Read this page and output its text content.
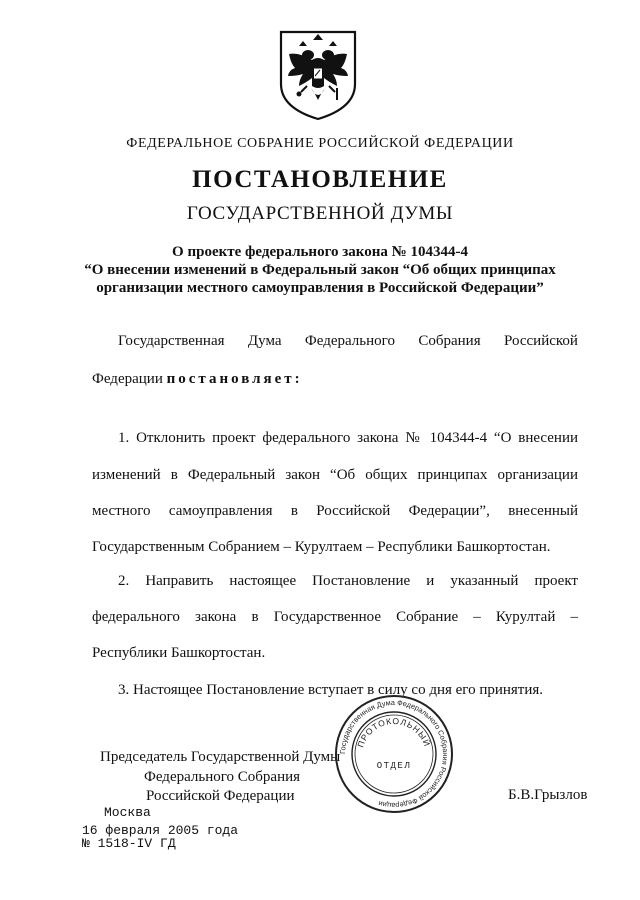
ФЕДЕРАЛЬНОЕ СОБРАНИЕ РОССИЙСКОЙ ФЕДЕРАЦИИ
ПОСТАНОВЛЕНИЕ
ГОСУДАРСТВЕННОЙ ДУМЫ
О проекте федерального закона № 104344-4
“О внесении изменений в Федеральный закон “Об общих принципах
организации местного самоуправления в Российской Федерации”
Государственная Дума Федерального Собрания Российской
Федерации постановляет:
1. Отклонить проект федерального закона № 104344-4 “О внесении
изменений в Федеральный закон “Об общих принципах организации
местного самоуправления в Российской Федерации”, внесенный
Государственным Собранием – Курултаем – Республики Башкортостан.
2. Направить настоящее Постановление и указанный проект
федерального закона в Государственное Собрание – Курултай –
Республики Башкортостан.
3. Настоящее Постановление вступает в силу со дня его принятия.
Председатель Государственной Думы
Федерального Собрания
Российской Федерации	Б.В.Грызлов
Государственная Дума Федерального Собрания Российской Федерации
ПРОТОКОЛЬНЫЙ
ОТДЕЛ
Москва
16 февраля 2005 года
№ 1518-IV ГД
